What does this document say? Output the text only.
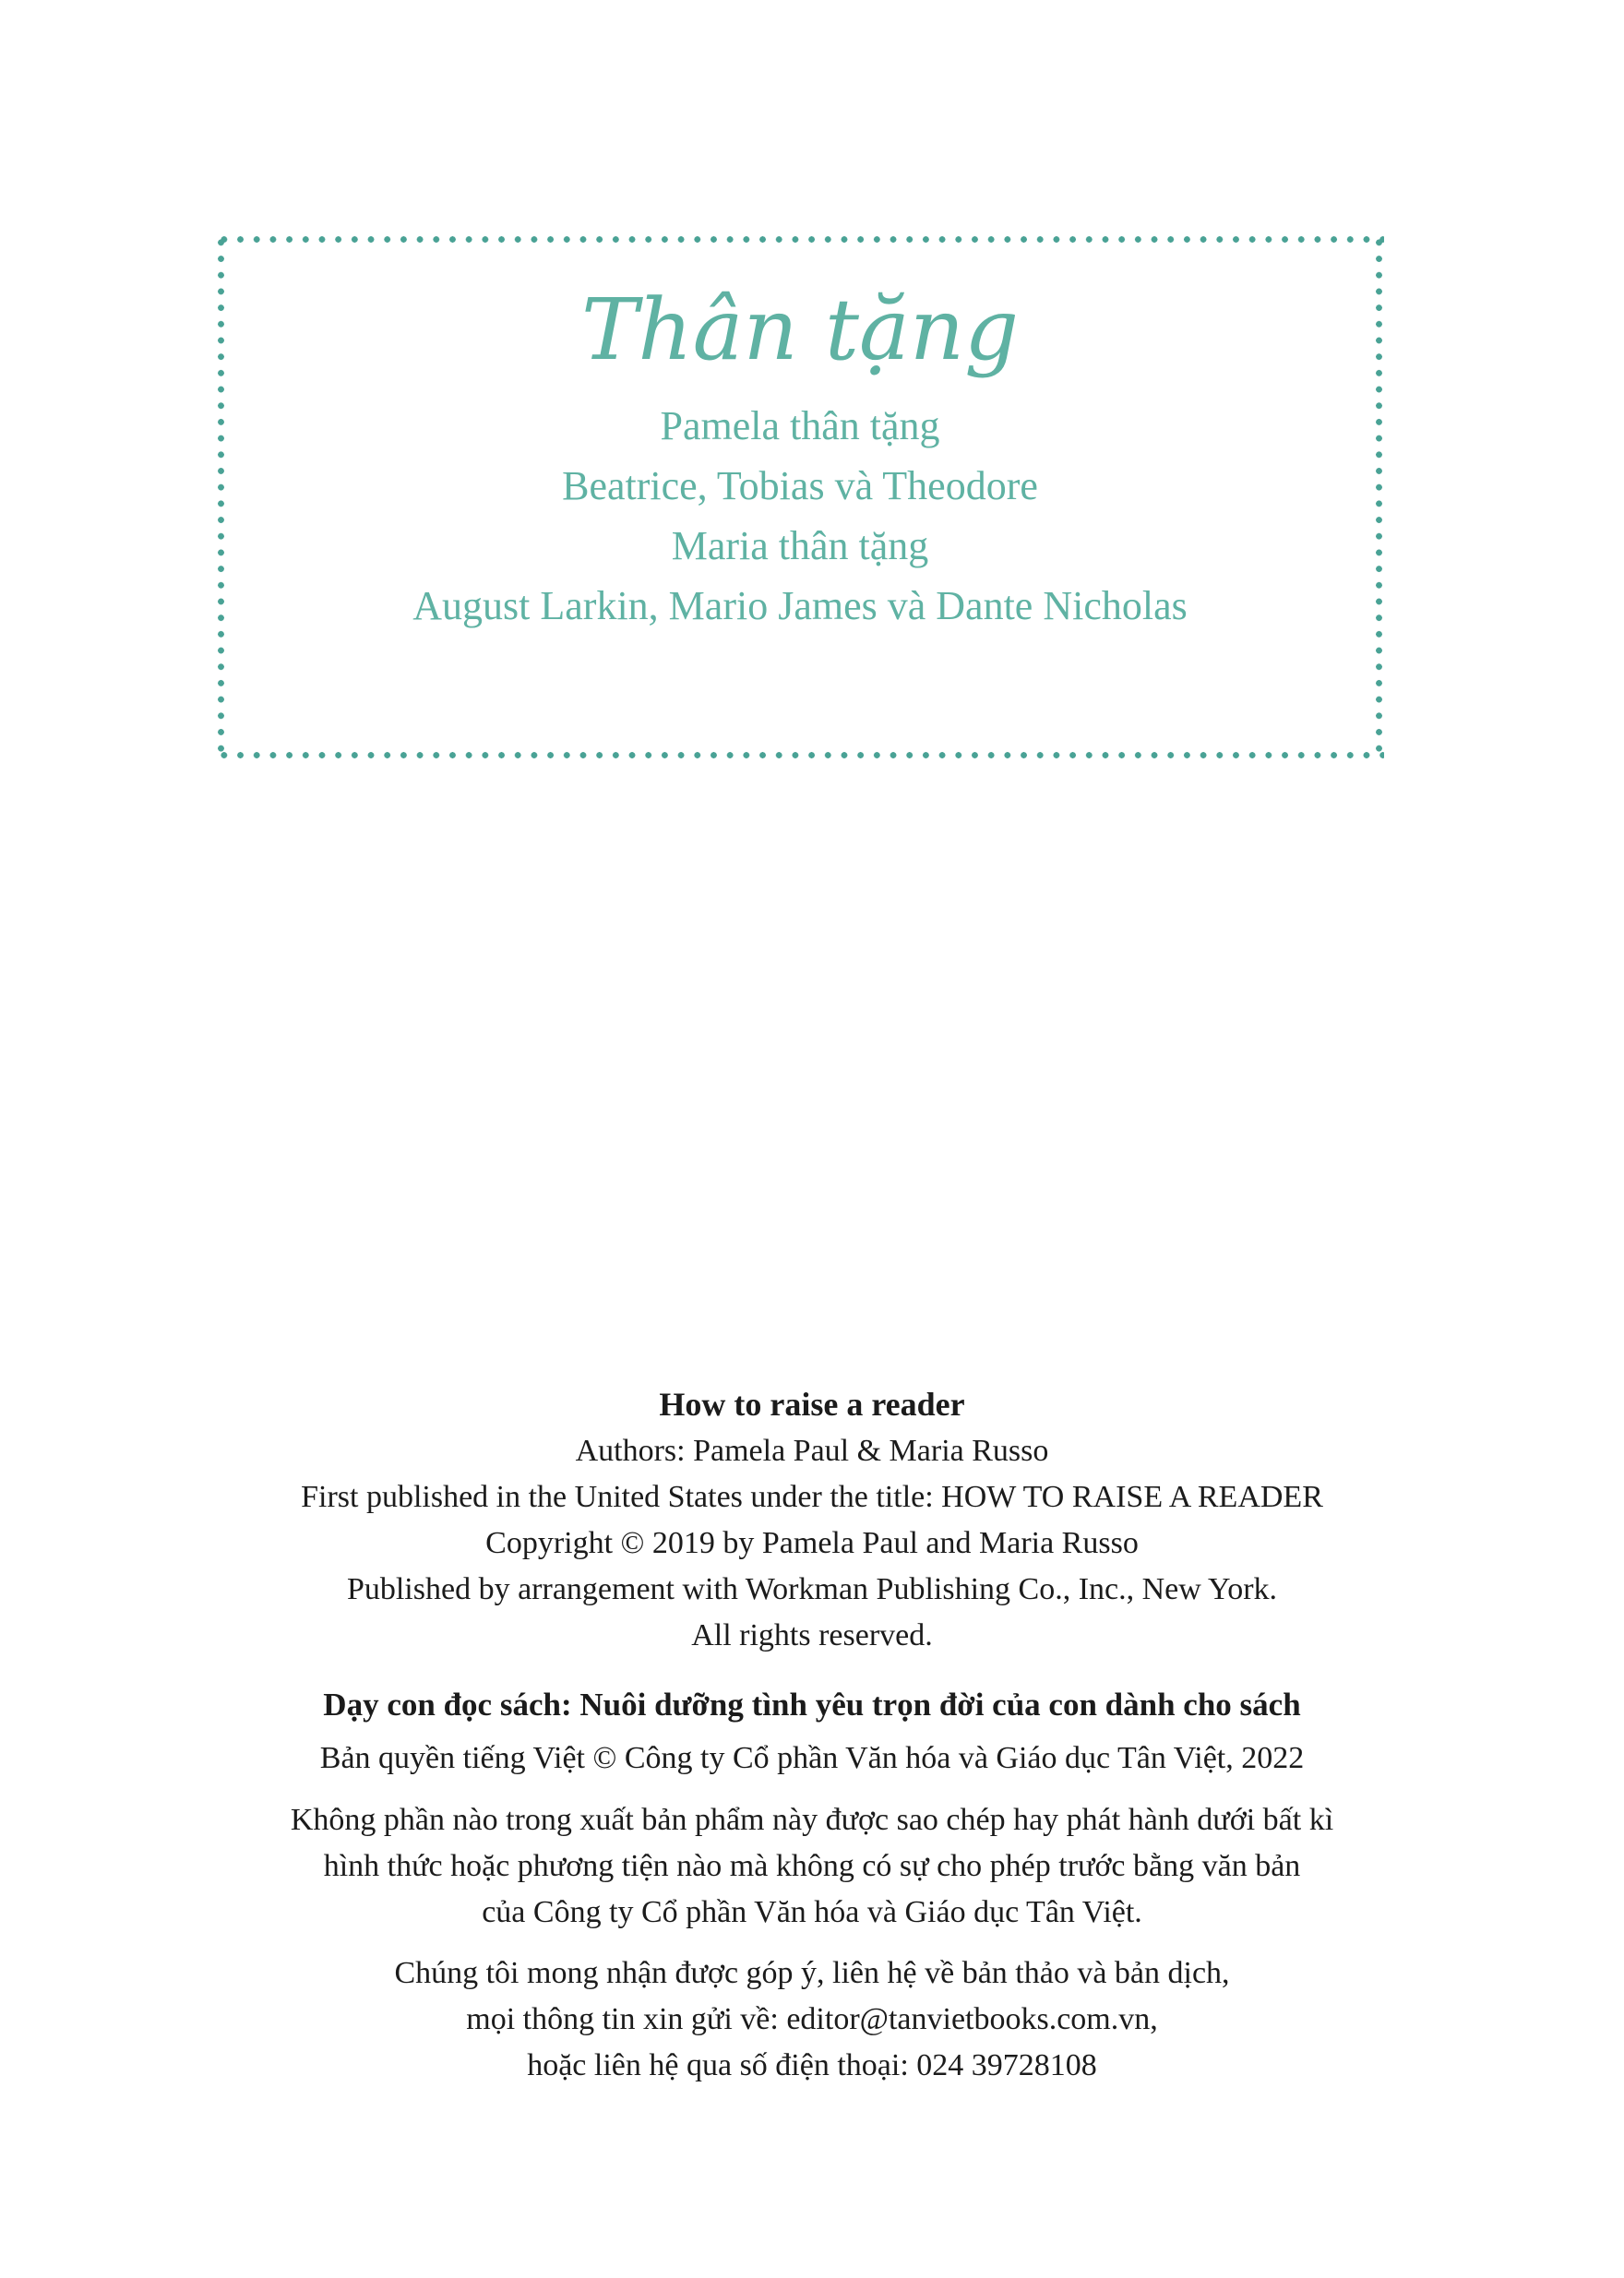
Thân tặng

Pamela thân tặng

Beatrice, Tobias và Theodore

Maria thân tặng

August Larkin, Mario James và Dante Nicholas

How to raise a reader

Authors: Pamela Paul & Maria Russo

First published in the United States under the title: HOW TO RAISE A READER

Copyright © 2019 by Pamela Paul and Maria Russo

Published by arrangement with Workman Publishing Co., Inc., New York.

All rights reserved.

Dạy con đọc sách: Nuôi dưỡng tình yêu trọn đời của con dành cho sách

Bản quyền tiếng Việt © Công ty Cổ phần Văn hóa và Giáo dục Tân Việt, 2022

Không phần nào trong xuất bản phẩm này được sao chép hay phát hành dưới bất kì

hình thức hoặc phương tiện nào mà không có sự cho phép trước bằng văn bản

của Công ty Cổ phần Văn hóa và Giáo dục Tân Việt.

Chúng tôi mong nhận được góp ý, liên hệ về bản thảo và bản dịch,

mọi thông tin xin gửi về: editor@tanvietbooks.com.vn,

hoặc liên hệ qua số điện thoại: 024 39728108
